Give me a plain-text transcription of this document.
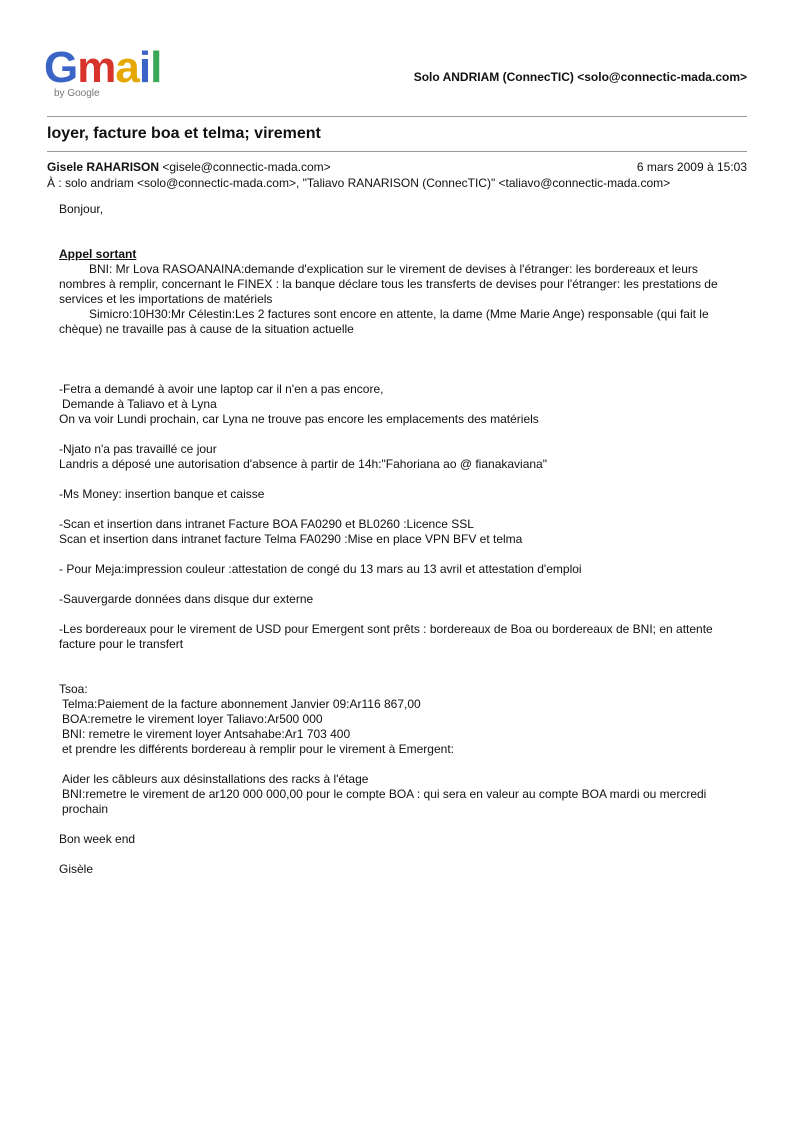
Gmail
by Google
Solo ANDRIAM (ConnecTIC) <solo@connectic-mada.com>
loyer, facture boa et telma; virement
Gisele RAHARISON <gisele@connectic-mada.com>	6 mars 2009 à 15:03
À : solo andriam <solo@connectic-mada.com>, "Taliavo RANARISON (ConnecTIC)" <taliavo@connectic-mada.com>

Bonjour,

Appel sortant

BNI: Mr Lova RASOANAINA:demande d'explication sur le virement de devises à l'étranger: les bordereaux et leurs nombres à remplir, concernant le FINEX : la banque déclare tous les transferts de devises pour l'étranger: les prestations de services et les importations de matériels

Simicro:10H30:Mr Célestin:Les 2 factures sont encore en attente, la dame (Mme Marie Ange) responsable (qui fait le chèque) ne travaille pas à cause de la situation actuelle

-Fetra a demandé à avoir une laptop car il n'en a pas encore,

Demande à Taliavo et à Lyna

On va voir Lundi prochain, car Lyna ne trouve pas encore les emplacements des matériels

-Njato n'a pas travaillé ce jour

Landris a déposé une autorisation d'absence à partir de 14h:"Fahoriana ao @ fianakaviana"

-Ms Money: insertion banque et caisse

-Scan et insertion dans intranet Facture BOA FA0290 et BL0260 :Licence SSL

Scan et insertion dans intranet facture Telma FA0290 :Mise en place VPN BFV et telma

- Pour Meja:impression couleur :attestation de congé du 13 mars au 13 avril et attestation d'emploi

-Sauvergarde données dans disque dur externe

-Les bordereaux pour le virement de USD pour Emergent sont prêts : bordereaux de Boa ou bordereaux de BNI; en attente facture pour le transfert

Tsoa:

Telma:Paiement de la facture abonnement Janvier 09:Ar116 867,00

BOA:remetre le virement loyer Taliavo:Ar500 000

BNI: remetre le virement loyer Antsahabe:Ar1 703 400

et prendre les différents bordereau à remplir pour le virement à Emergent:

Aider les câbleurs aux désinstallations des racks à l'étage

BNI:remetre le virement de ar120 000 000,00 pour le compte BOA : qui sera en valeur au compte BOA mardi ou mercredi prochain

Bon week end

Gisèle
